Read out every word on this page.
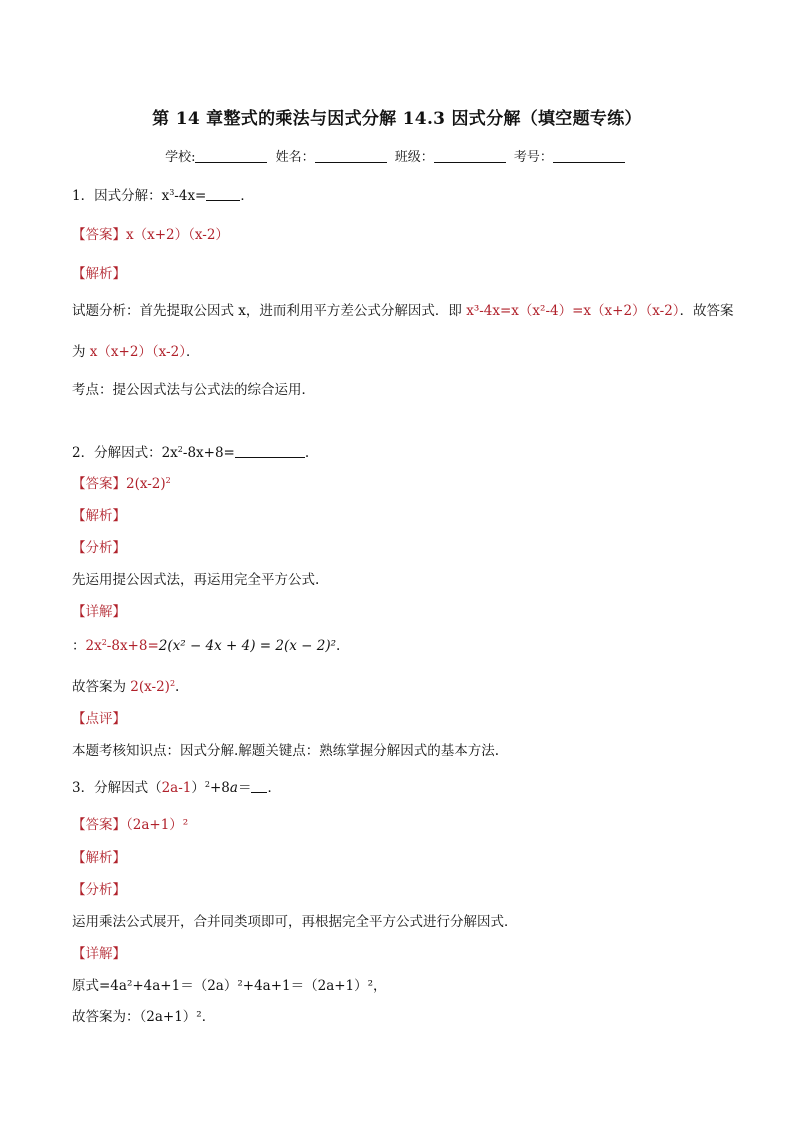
第 14 章整式的乘法与因式分解 14.3 因式分解（填空题专练）
学校:	姓名：	班级：	考号：
1．因式分解：$x^3-4x=$	．
【答案】x（x+2）（x-2）
【解析】
试题分析：首先提取公因式 x，进而利用平方差公式分解因式．即 x³-4x=x（x²-4）=x（x+2）（x-2）．故答案
为 x（x+2）（x-2）．
考点：提公因式法与公式法的综合运用．
2．分解因式：$2x^2-8x+8=$	.
【答案】$2(x-2)^2$
【解析】
【分析】
先运用提公因式法，再运用完全平方公式.
【详解】
：$2x^2-8x+8=2(x^2 - 4x + 4) = 2(x - 2)^2$.
故答案为 $2(x-2)^2$.
【点评】
本题考核知识点：因式分解.解题关键点：熟练掌握分解因式的基本方法.
3．分解因式$(2a-1)^2+8a=$ ．
【答案】（2a+1）²
【解析】
【分析】
运用乘法公式展开，合并同类项即可，再根据完全平方公式进行分解因式．
【详解】
原式=4a²+4a+1＝（2a）²+4a+1＝（2a+1）²，
故答案为：（2a+1）²．
